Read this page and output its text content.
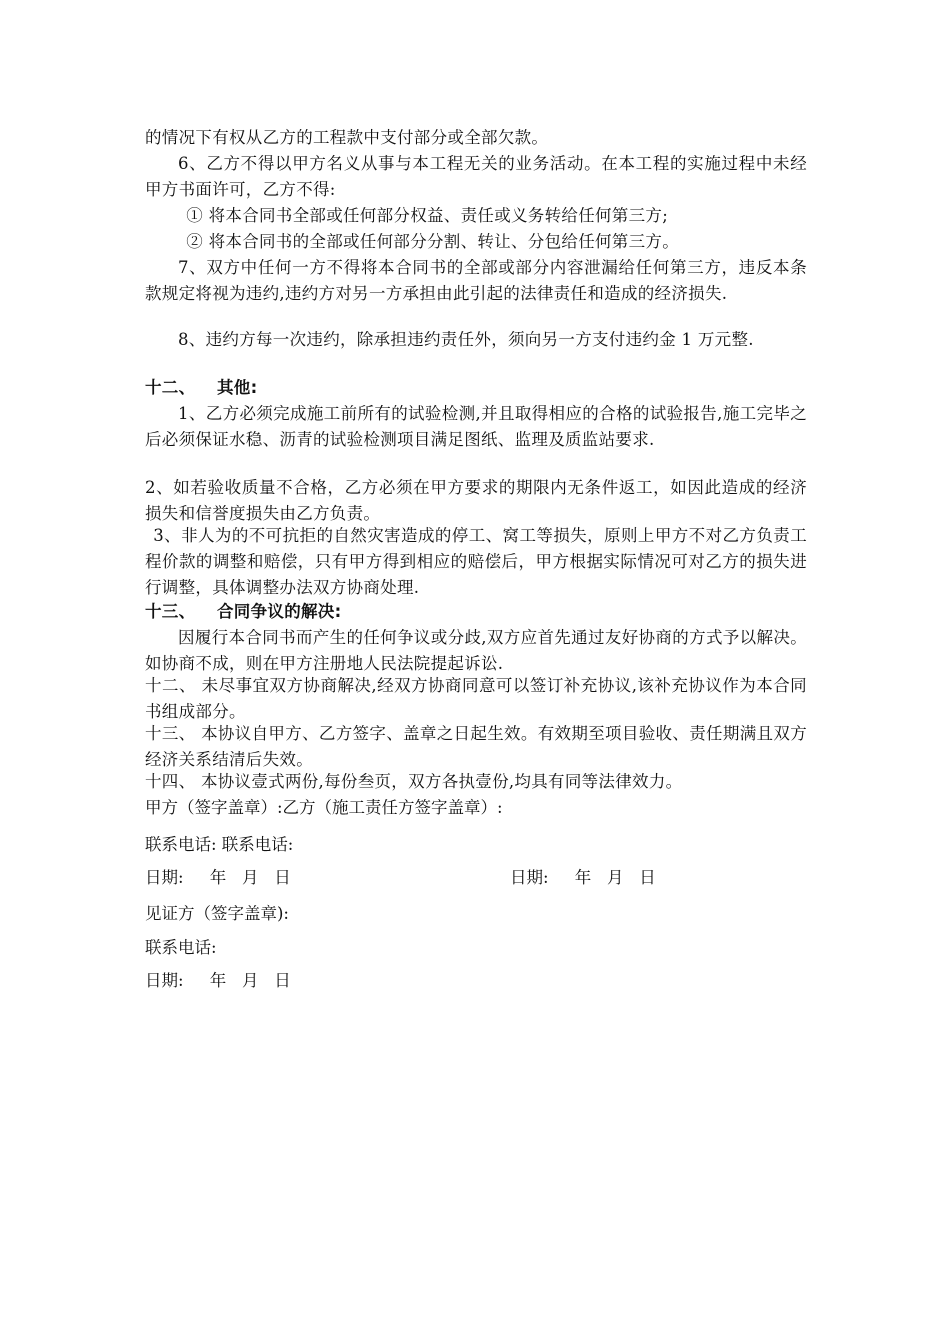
的情况下有权从乙方的工程款中支付部分或全部欠款。
6、乙方不得以甲方名义从事与本工程无关的业务活动。在本工程的实施过程中未经甲方书面许可，乙方不得:
① 将本合同书全部或任何部分权益、责任或义务转给任何第三方;
② 将本合同书的全部或任何部分分割、转让、分包给任何第三方。
7、双方中任何一方不得将本合同书的全部或部分内容泄漏给任何第三方，违反本条款规定将视为违约,违约方对另一方承担由此引起的法律责任和造成的经济损失.
8、违约方每一次违约，除承担违约责任外，须向另一方支付违约金 1 万元整.
十二、 其他:
1、乙方必须完成施工前所有的试验检测,并且取得相应的合格的试验报告,施工完毕之后必须保证水稳、沥青的试验检测项目满足图纸、监理及质监站要求.
2、如若验收质量不合格，乙方必须在甲方要求的期限内无条件返工，如因此造成的经济损失和信誉度损失由乙方负责。
3、非人为的不可抗拒的自然灾害造成的停工、窝工等损失，原则上甲方不对乙方负责工程价款的调整和赔偿，只有甲方得到相应的赔偿后，甲方根据实际情况可对乙方的损失进行调整，具体调整办法双方协商处理.
十三、 合同争议的解决:
因履行本合同书而产生的任何争议或分歧,双方应首先通过友好协商的方式予以解决。如协商不成，则在甲方注册地人民法院提起诉讼.
十二、 未尽事宜双方协商解决,经双方协商同意可以签订补充协议,该补充协议作为本合同书组成部分。
十三、 本协议自甲方、乙方签字、盖章之日起生效。有效期至项目验收、责任期满且双方经济关系结清后失效。
十四、 本协议壹式两份,每份叁页，双方各执壹份,均具有同等法律效力。
甲方（签字盖章）:乙方（施工责任方签字盖章）:
联系电话: 联系电话:
日期:     年   月   日	日期:     年   月   日
见证方（签字盖章):
联系电话:
日期:     年   月   日
